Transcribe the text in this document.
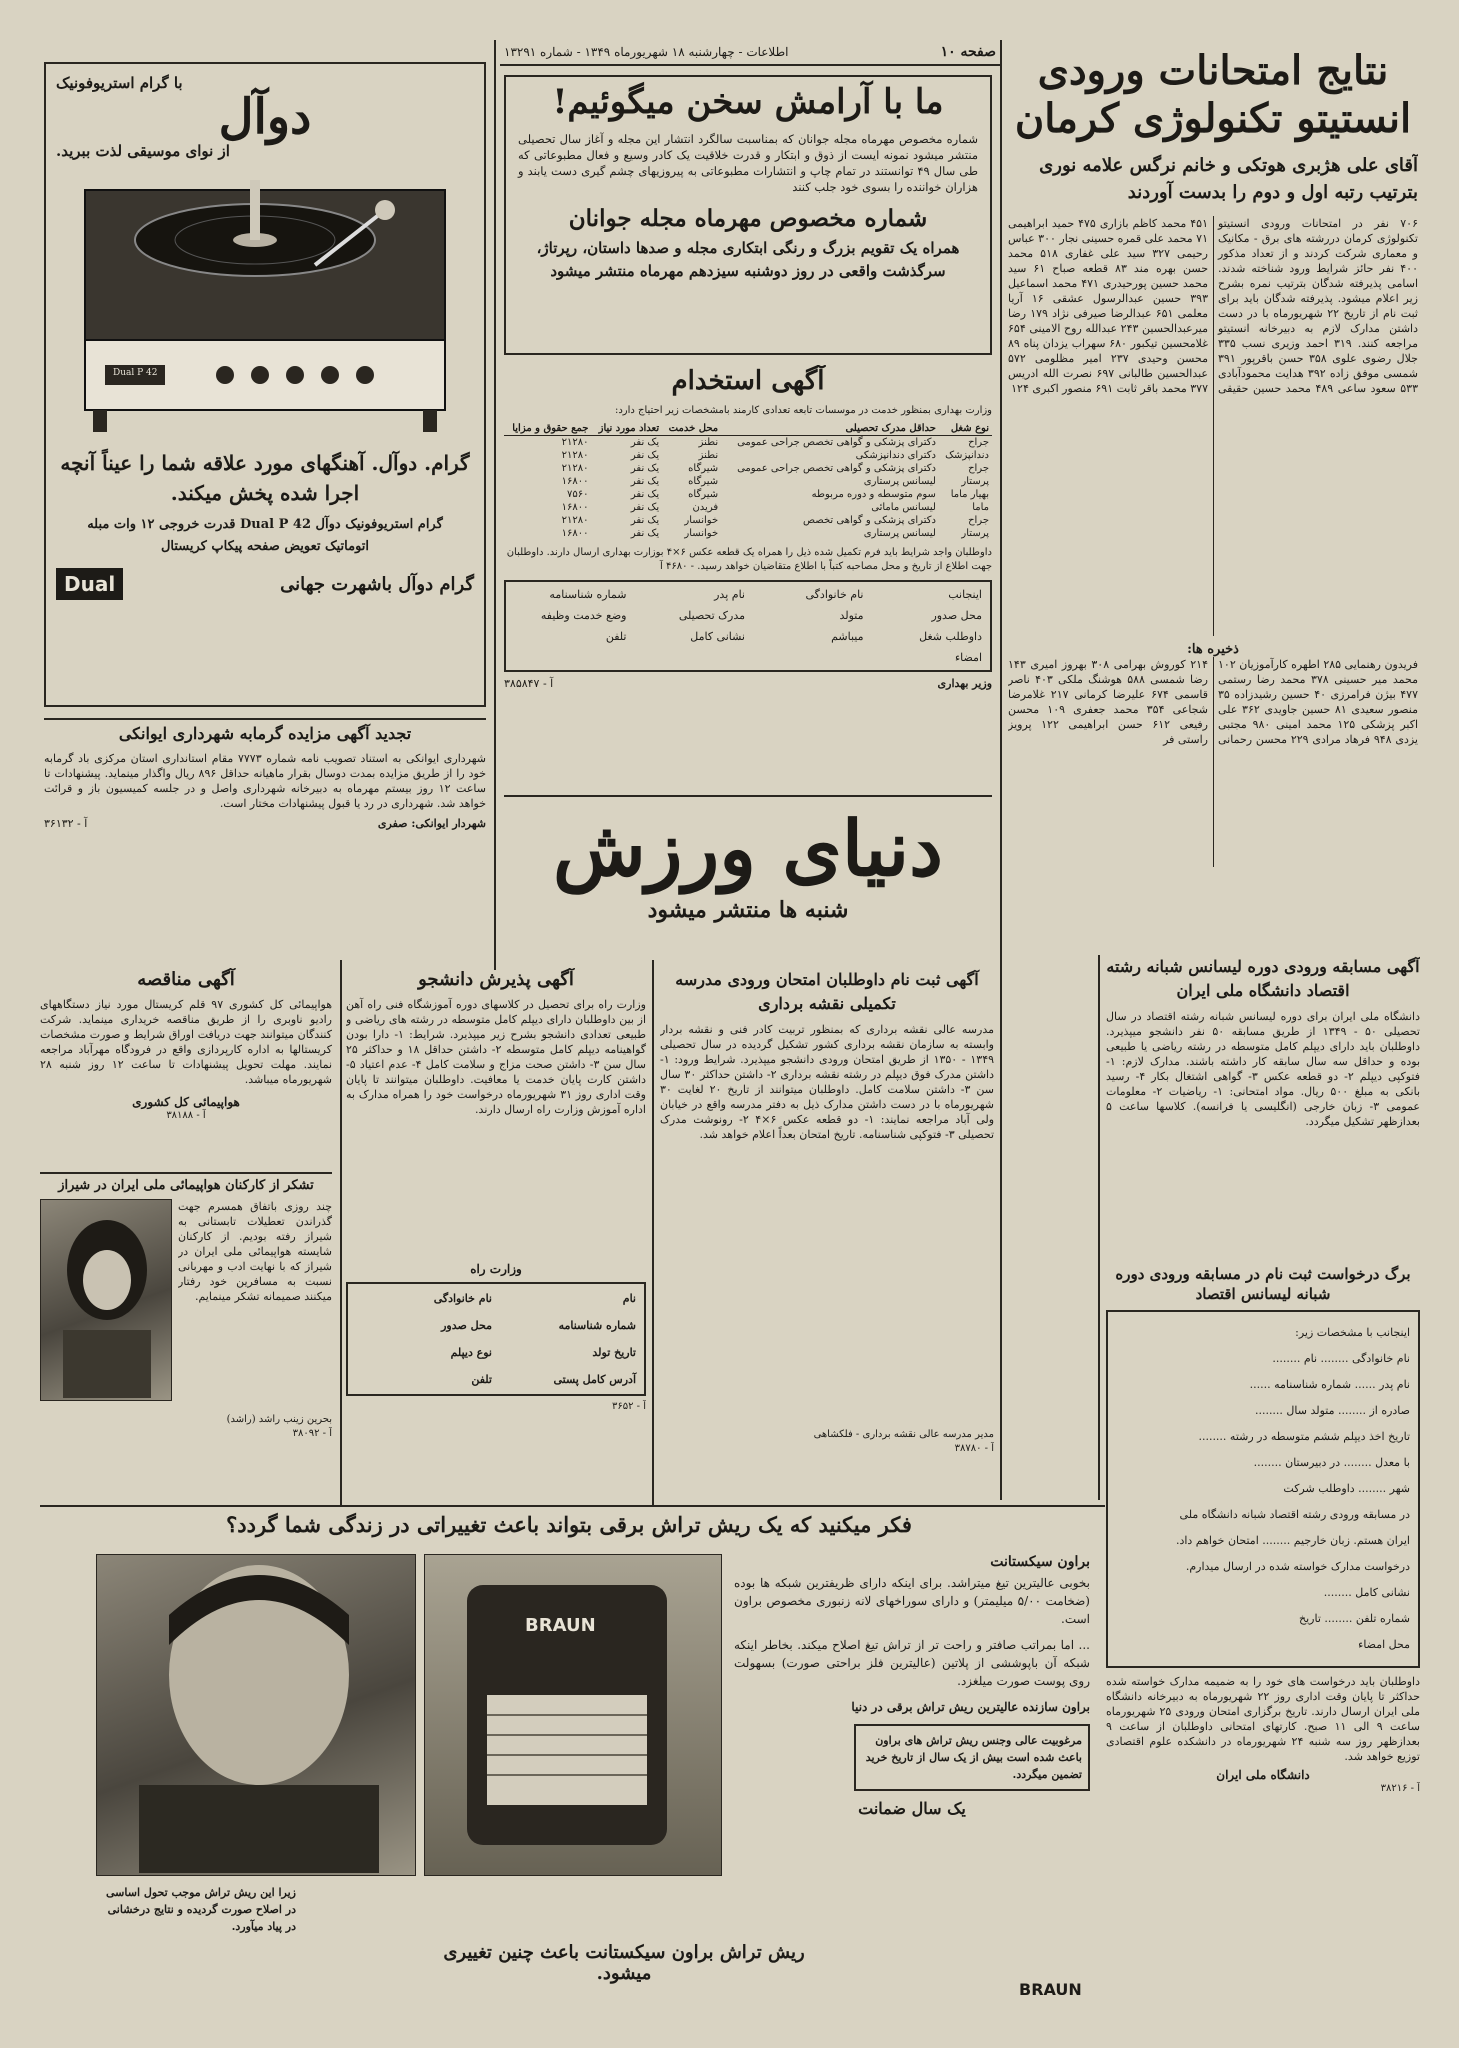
صفحه ۱۰
اطلاعات - چهارشنبه ۱۸ شهریورماه ۱۳۴۹ - شماره ۱۳۲۹۱	نتایج امتحانات ورودی
انستیتو تکنولوژی کرمان
آقای علی هژبری هوتکی و خانم نرگس علامه نوری بترتیب رتبه اول و دوم را بدست آوردند
۷۰۶ نفر در امتحانات ورودی انستیتو تکنولوژی کرمان دررشته های برق - مکانیک و معماری شرکت کردند و از تعداد مذکور ۴۰۰ نفر حائز شرایط ورود شناخته شدند. اسامی پذیرفته شدگان بترتیب نمره بشرح زیر اعلام میشود. پذیرفته شدگان باید برای ثبت نام از تاریخ ۲۲ شهریورماه با در دست داشتن مدارک لازم به دبیرخانه انستیتو مراجعه کنند. ۳۱۹ احمد وزیری نسب ۳۳۵ جلال رضوی علوی ۳۵۸ حسن باقرپور ۳۹۱ شمسی موفق زاده ۳۹۲ هدایت محمودآبادی ۵۳۳ سعود ساعی ۴۸۹ محمد حسین حقیقی ۴۵۱ محمد کاظم بازاری ۴۷۵ حمید ابراهیمی ۷۱ محمد علی قمره حسینی نجار ۳۰۰ عباس رحیمی ۳۲۷ سید علی غفاری ۵۱۸ محمد حسن بهره مند ۸۳ قطعه صباح ۶۱ سید محمد حسین پورحیدری ۴۷۱ محمد اسماعیل ۳۹۳ حسین عبدالرسول عشقی ۱۶ آریا معلمی ۶۵۱ عبدالرضا صیرفی نژاد ۱۷۹ رضا میرعبدالحسین ۲۴۳ عبدالله روح الامینی ۶۵۴ غلامحسین تیکبور ۶۸۰ سهراب یزدان پناه ۸۹ محسن وحیدی ۲۳۷ امیر مظلومی ۵۷۲ عبدالحسین طالبانی ۶۹۷ نصرت الله ادریس ۳۷۷ محمد باقر ثابت ۶۹۱ منصور اکبری ۱۲۴
ذخیره ها:
فریدون رهنمایی ۲۸۵ اطهره کارآموزیان ۱۰۲ محمد میر حسینی ۳۷۸ محمد رضا رستمی ۴۷۷ بیژن فرامرزی ۴۰ حسین رشیدزاده ۳۵ منصور سعیدی ۸۱ حسین جاویدی ۳۶۲ علی اکبر پزشکی ۱۲۵ محمد امینی ۹۸۰ مجتبی یزدی ۹۴۸ فرهاد مرادی ۲۲۹ محسن رحمانی ۲۱۴ کوروش بهرامی ۳۰۸ بهروز امیری ۱۴۳ رضا شمسی ۵۸۸ هوشنگ ملکی ۴۰۳ ناصر قاسمی ۶۷۴ علیرضا کرمانی ۲۱۷ غلامرضا شجاعی ۳۵۴ محمد جعفری ۱۰۹ محسن رفیعی ۶۱۲ حسن ابراهیمی ۱۲۲ پرویز راستی فر
ما با آرامش سخن میگوئیم!
شماره مخصوص مهرماه مجله جوانان که بمناسبت سالگرد انتشار این مجله و آغاز سال تحصیلی منتشر میشود نمونه ایست از ذوق و ابتکار و قدرت خلاقیت یک کادر وسیع و فعال مطبوعاتی که طی سال ۴۹ توانستند در تمام چاپ و انتشارات مطبوعاتی به پیروزیهای چشم گیری دست یابند و هزاران خواننده را بسوی خود جلب کنند
شماره مخصوص مهرماه مجله جوانان
همراه یک تقویم بزرگ و رنگی ابتکاری مجله و صدها داستان، رپرتاژ، سرگذشت واقعی در روز دوشنبه سیزدهم مهرماه منتشر میشود
آگهی استخدام
وزارت بهداری بمنظور خدمت در موسسات تابعه تعدادی کارمند بامشخصات زیر احتیاج دارد:
نوع شغل	حداقل مدرک تحصیلی	محل خدمت	تعداد مورد نیاز	جمع حقوق و مزایا
جراح	دکترای پزشکی و گواهی تخصص جراحی عمومی	نطنز	یک نفر	۲۱۲۸۰
دندانپزشک	دکترای دندانپزشکی	نطنز	یک نفر	۲۱۲۸۰
جراح	دکترای پزشکی و گواهی تخصص جراحی عمومی	شیرگاه	یک نفر	۲۱۲۸۰
پرستار	لیسانس پرستاری	شیرگاه	یک نفر	۱۶۸۰۰
بهیار ماما	سوم متوسطه و دوره مربوطه	شیرگاه	یک نفر	۷۵۶۰
ماما	لیسانس مامائی	فریدن	یک نفر	۱۶۸۰۰
جراح	دکترای پزشکی و گواهی تخصص	خوانسار	یک نفر	۲۱۲۸۰
پرستار	لیسانس پرستاری	خوانسار	یک نفر	۱۶۸۰۰
داوطلبان واجد شرایط باید فرم تکمیل شده ذیل را همراه یک قطعه عکس ۶×۴ بوزارت بهداری ارسال دارند. داوطلبان جهت اطلاع از تاریخ و محل مصاحبه کتباً با اطلاع متقاضیان خواهد رسید. - ۴۶۸۰ آ
اینجانب
نام خانوادگی
نام پدر
شماره شناسنامه
محل صدور
متولد
مدرک تحصیلی
وضع خدمت وظیفه
داوطلب شغل
میباشم
نشانی کامل
تلفن
امضاء
وزیر بهداری
آ - ۳۸۵۸۴۷
دنیای ورزش
شنبه ها منتشر میشود
با گرام استریوفونیک
دوآل
از نوای موسیقی لذت ببرید.
Dual P 42
گرام. دوآل. آهنگهای مورد علاقه شما را عیناً آنچه اجرا شده پخش میکند.
گرام استریوفونیک دوآل Dual P 42 قدرت خروجی ۱۲ وات مبله اتوماتیک تعویض صفحه پیکاپ کریستال
گرام دوآل باشهرت جهانی
Dual
تجدید آگهی مزایده گرمابه شهرداری ایوانکی
شهرداری ایوانکی به استناد تصویب نامه شماره ۷۷۷۳ مقام استانداری استان مرکزی باد گرمابه خود را از طریق مزایده بمدت دوسال بقرار ماهیانه حداقل ۸۹۶ ریال واگذار مینماید. پیشنهادات تا ساعت ۱۲ روز بیستم مهرماه به دبیرخانه شهرداری واصل و در جلسه کمیسیون باز و قرائت خواهد شد. شهرداری در رد یا قبول پیشنهادات مختار است.
شهردار ایوانکی: صفری
آ - ۳۶۱۳۲
آگهی مناقصه
هواپیمائی کل کشوری ۹۷ قلم کریستال مورد نیاز دستگاههای رادیو ناوبری را از طریق مناقصه خریداری مینماید. شرکت کنندگان میتوانند جهت دریافت اوراق شرایط و صورت مشخصات کریستالها به اداره کارپردازی واقع در فرودگاه مهرآباد مراجعه نمایند. مهلت تحویل پیشنهادات تا ساعت ۱۲ روز شنبه ۲۸ شهریورماه میباشد.
هواپیمائی کل کشوری
آ - ۳۸۱۸۸
تشکر از کارکنان هواپیمائی ملی ایران در شیراز
چند روزی باتفاق همسرم جهت گذراندن تعطیلات تابستانی به شیراز رفته بودیم. از کارکنان شایسته هواپیمائی ملی ایران در شیراز که با نهایت ادب و مهربانی نسبت به مسافرین خود رفتار میکنند صمیمانه تشکر مینمایم.
بحرین زینب راشد (راشد)
آ - ۳۸۰۹۲
آگهی پذیرش دانشجو
وزارت راه برای تحصیل در کلاسهای دوره آموزشگاه فنی راه آهن از بین داوطلبان دارای دیپلم کامل متوسطه در رشته های ریاضی و طبیعی تعدادی دانشجو بشرح زیر میپذیرد. شرایط: ۱- دارا بودن گواهینامه دیپلم کامل متوسطه ۲- داشتن حداقل ۱۸ و حداکثر ۲۵ سال سن ۳- داشتن صحت مزاج و سلامت کامل ۴- عدم اعتیاد ۵- داشتن کارت پایان خدمت یا معافیت. داوطلبان میتوانند تا پایان وقت اداری روز ۳۱ شهریورماه درخواست خود را همراه مدارک به اداره آموزش وزارت راه ارسال دارند.
وزارت راه
نام
نام خانوادگی
شماره شناسنامه
محل صدور
تاریخ تولد
نوع دیپلم
آدرس کامل پستی
تلفن
آ - ۳۶۵۲
آگهی ثبت نام داوطلبان امتحان ورودی مدرسه تکمیلی نقشه برداری
مدرسه عالی نقشه برداری که بمنظور تربیت کادر فنی و نقشه بردار وابسته به سازمان نقشه برداری کشور تشکیل گردیده در سال تحصیلی ۱۳۴۹ - ۱۳۵۰ از طریق امتحان ورودی دانشجو میپذیرد. شرایط ورود: ۱- داشتن مدرک فوق دیپلم در رشته نقشه برداری ۲- داشتن حداکثر ۳۰ سال سن ۳- داشتن سلامت کامل. داوطلبان میتوانند از تاریخ ۲۰ لغایت ۳۰ شهریورماه با در دست داشتن مدارک ذیل به دفتر مدرسه واقع در خیابان ولی آباد مراجعه نمایند: ۱- دو قطعه عکس ۶×۴ ۲- رونوشت مدرک تحصیلی ۳- فتوکپی شناسنامه. تاریخ امتحان بعداً اعلام خواهد شد.
مدیر مدرسه عالی نقشه برداری - فلکشاهی
آ - ۳۸۷۸۰
آگهی مسابقه ورودی دوره لیسانس شبانه رشته اقتصاد دانشگاه ملی ایران
دانشگاه ملی ایران برای دوره لیسانس شبانه رشته اقتصاد در سال تحصیلی ۵۰ - ۱۳۴۹ از طریق مسابقه ۵۰ نفر دانشجو میپذیرد. داوطلبان باید دارای دیپلم کامل متوسطه در رشته ریاضی یا طبیعی بوده و حداقل سه سال سابقه کار داشته باشند. مدارک لازم: ۱- فتوکپی دیپلم ۲- دو قطعه عکس ۳- گواهی اشتغال بکار ۴- رسید بانکی به مبلغ ۵۰۰ ریال. مواد امتحانی: ۱- ریاضیات ۲- معلومات عمومی ۳- زبان خارجی (انگلیسی یا فرانسه). کلاسها ساعت ۵ بعدازظهر تشکیل میگردد.
برگ درخواست ثبت نام در مسابقه ورودی دوره شبانه لیسانس اقتصاد
اینجانب با مشخصات زیر:
نام خانوادگی ........ نام ........
نام پدر ...... شماره شناسنامه ......
صادره از ........ متولد سال ........
تاریخ اخذ دیپلم ششم متوسطه در رشته ........
با معدل ........ در دبیرستان ........
شهر ........ داوطلب شرکت
در مسابقه ورودی رشته اقتصاد شبانه دانشگاه ملی
ایران هستم. زبان خارجیم ........ امتحان خواهم داد.
درخواست مدارک خواسته شده در ارسال میدارم.
نشانی کامل ........
شماره تلفن ........ تاریخ
محل امضاء
داوطلبان باید درخواست های خود را به ضمیمه مدارک خواسته شده حداکثر تا پایان وقت اداری روز ۲۲ شهریورماه به دبیرخانه دانشگاه ملی ایران ارسال دارند. تاریخ برگزاری امتحان ورودی ۲۵ شهریورماه ساعت ۹ الی ۱۱ صبح. کارتهای امتحانی داوطلبان از ساعت ۹ بعدازظهر روز سه شنبه ۲۴ شهریورماه در دانشکده علوم اقتصادی توزیع خواهد شد.
دانشگاه ملی ایران
آ - ۳۸۲۱۶
فکر میکنید که یک ریش تراش برقی بتواند باعث تغییراتی در زندگی شما گردد؟
زیرا این ریش تراش موجب تحول اساسی در اصلاح صورت گردیده و نتایج درخشانی در پیاد میآورد.
BRAUN
براون سیکستانت
بخوبی عالیترین تیغ میتراشد. برای اینکه دارای ظریفترین شبکه ها بوده (ضخامت ۵/۰۰ میلیمتر) و دارای سوراخهای لانه زنبوری مخصوص براون است.
... اما بمراتب صافتر و راحت تر از تراش تیغ اصلاح میکند. بخاطر اینکه شبکه آن باپوششی از پلاتین (عالیترین فلز براحتی صورت) بسهولت روی پوست صورت میلغزد.
براون سازنده عالیترین ریش تراش برقی در دنیا
مرغوبیت عالی وجنس ریش تراش های براون باعث شده است بیش از یک سال از تاریخ خرید تضمین میگردد.
یک سال ضمانت
ریش تراش براون سیکستانت باعث چنین تغییری میشود.
BRAUN
